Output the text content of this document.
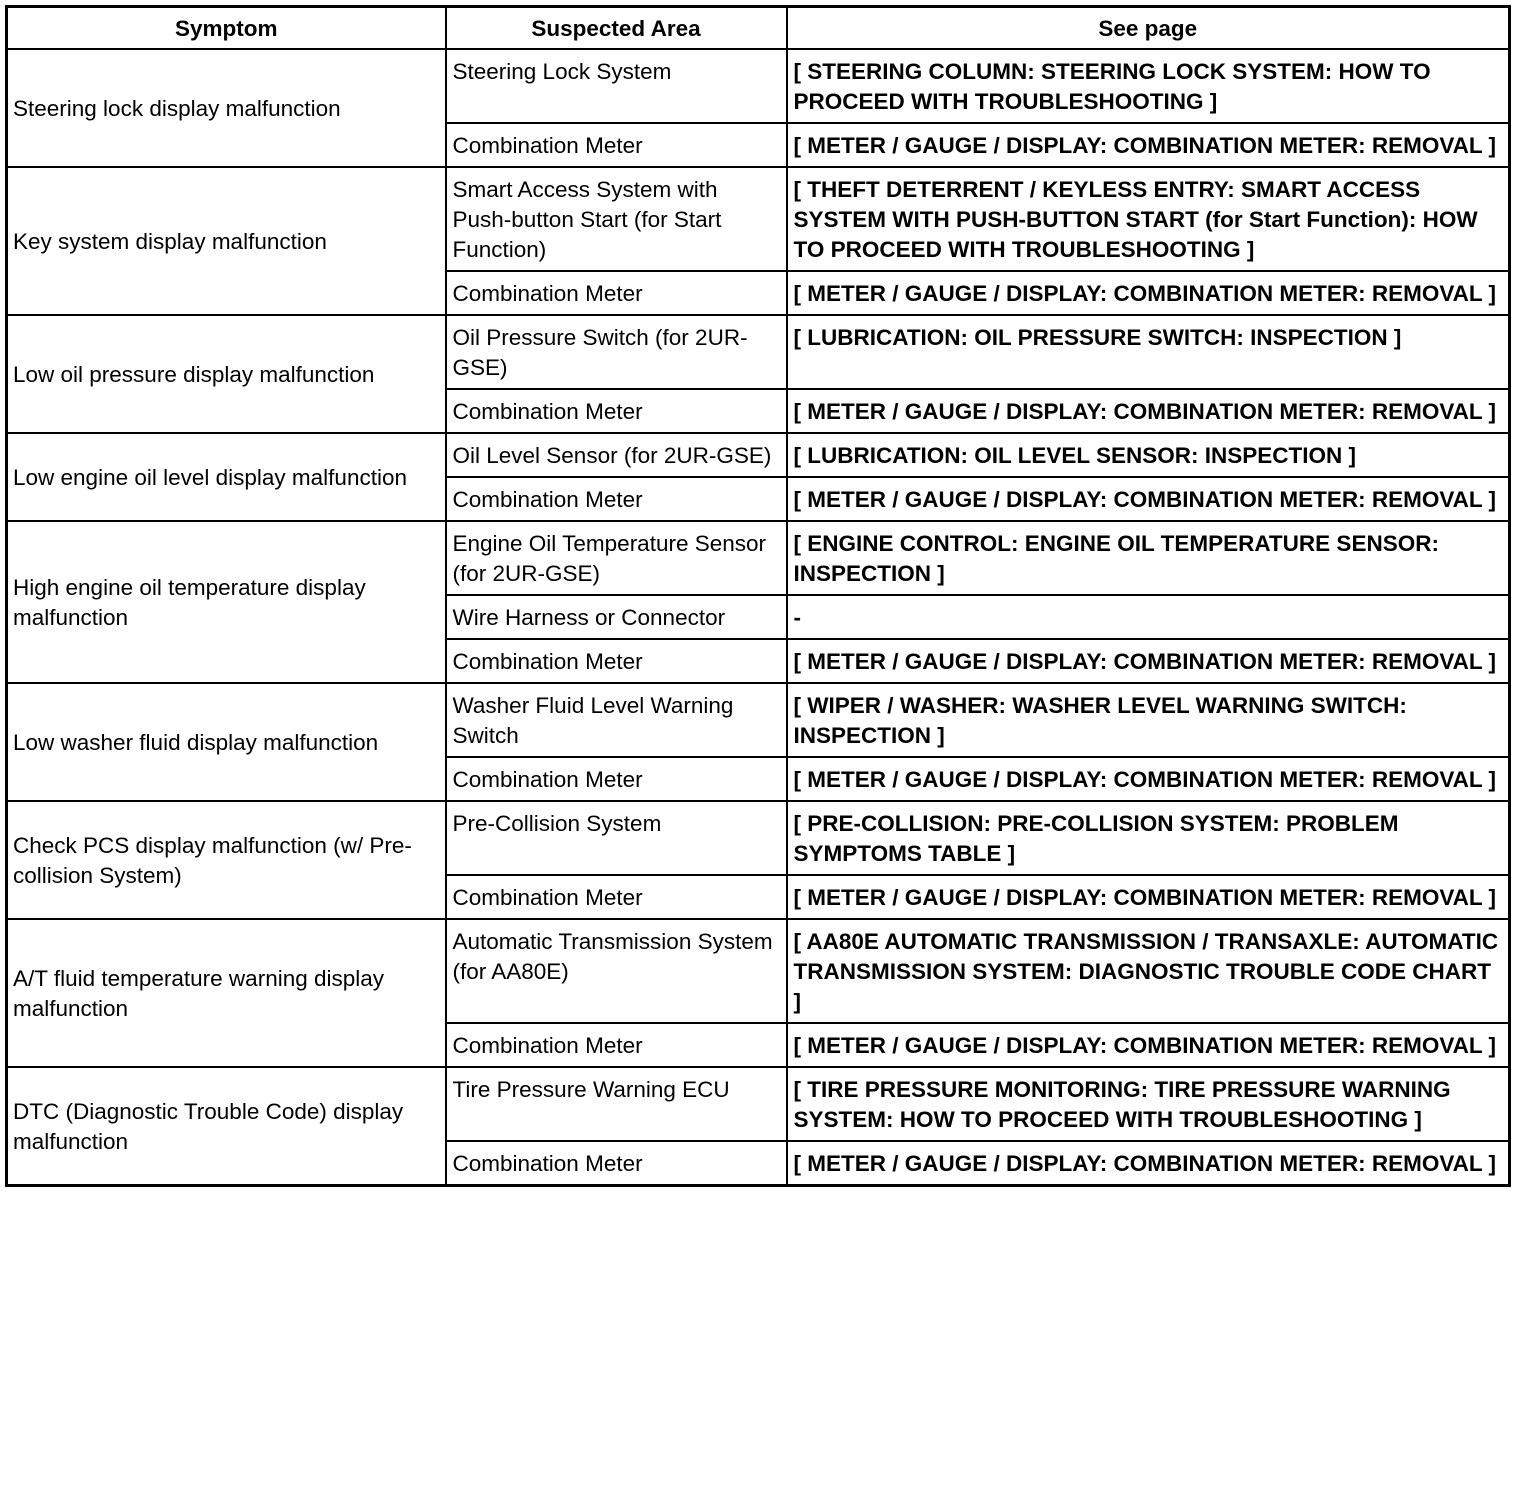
Symptom	Suspected Area	See page
Steering lock display malfunction	Steering Lock System	[ STEERING COLUMN: STEERING LOCK SYSTEM: HOW TO PROCEED WITH TROUBLESHOOTING ]
	Combination Meter	[ METER / GAUGE / DISPLAY: COMBINATION METER: REMOVAL ]
Key system display malfunction	Smart Access System with Push-button Start (for Start Function)	[ THEFT DETERRENT / KEYLESS ENTRY: SMART ACCESS SYSTEM WITH PUSH-BUTTON START (for Start Function): HOW TO PROCEED WITH TROUBLESHOOTING ]
	Combination Meter	[ METER / GAUGE / DISPLAY: COMBINATION METER: REMOVAL ]
Low oil pressure display malfunction	Oil Pressure Switch (for 2UR-GSE)	[ LUBRICATION: OIL PRESSURE SWITCH: INSPECTION ]
	Combination Meter	[ METER / GAUGE / DISPLAY: COMBINATION METER: REMOVAL ]
Low engine oil level display malfunction	Oil Level Sensor (for 2UR-GSE)	[ LUBRICATION: OIL LEVEL SENSOR: INSPECTION ]
	Combination Meter	[ METER / GAUGE / DISPLAY: COMBINATION METER: REMOVAL ]
High engine oil temperature display malfunction	Engine Oil Temperature Sensor (for 2UR-GSE)	[ ENGINE CONTROL: ENGINE OIL TEMPERATURE SENSOR: INSPECTION ]
	Wire Harness or Connector	-
	Combination Meter	[ METER / GAUGE / DISPLAY: COMBINATION METER: REMOVAL ]
Low washer fluid display malfunction	Washer Fluid Level Warning Switch	[ WIPER / WASHER: WASHER LEVEL WARNING SWITCH: INSPECTION ]
	Combination Meter	[ METER / GAUGE / DISPLAY: COMBINATION METER: REMOVAL ]
Check PCS display malfunction (w/ Pre-collision System)	Pre-Collision System	[ PRE-COLLISION: PRE-COLLISION SYSTEM: PROBLEM SYMPTOMS TABLE ]
	Combination Meter	[ METER / GAUGE / DISPLAY: COMBINATION METER: REMOVAL ]
A/T fluid temperature warning display malfunction	Automatic Transmission System (for AA80E)	[ AA80E AUTOMATIC TRANSMISSION / TRANSAXLE: AUTOMATIC TRANSMISSION SYSTEM: DIAGNOSTIC TROUBLE CODE CHART ]
	Combination Meter	[ METER / GAUGE / DISPLAY: COMBINATION METER: REMOVAL ]
DTC (Diagnostic Trouble Code) display malfunction	Tire Pressure Warning ECU	[ TIRE PRESSURE MONITORING: TIRE PRESSURE WARNING SYSTEM: HOW TO PROCEED WITH TROUBLESHOOTING ]
	Combination Meter	[ METER / GAUGE / DISPLAY: COMBINATION METER: REMOVAL ]
